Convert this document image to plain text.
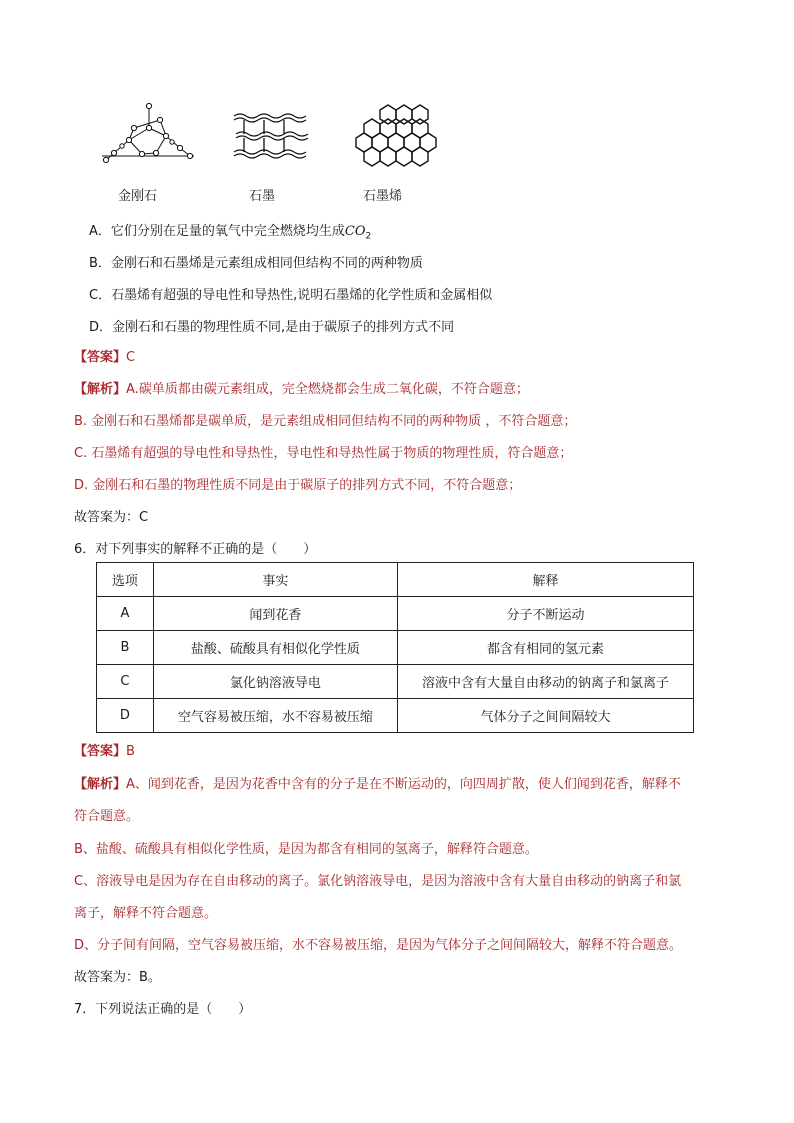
金刚石	石墨	石墨烯
A．它们分别在足量的氧气中完全燃烧均生成$CO_2$
B．金刚石和石墨烯是元素组成相同但结构不同的两种物质
C．石墨烯有超强的导电性和导热性,说明石墨烯的化学性质和金属相似
D．金刚石和石墨的物理性质不同,是由于碳原子的排列方式不同
【答案】C
【解析】A.碳单质都由碳元素组成，完全燃烧都会生成二氧化碳，不符合题意；
B. 金刚石和石墨烯都是碳单质，是元素组成相同但结构不同的两种物质 ，不符合题意；
C. 石墨烯有超强的导电性和导热性，导电性和导热性属于物质的物理性质，符合题意；
D. 金刚石和石墨的物理性质不同是由于碳原子的排列方式不同，不符合题意；
故答案为：C
6．对下列事实的解释不正确的是（　　）
选项	事实	解释
A	闻到花香	分子不断运动
B	盐酸、硫酸具有相似化学性质	都含有相同的氢元素
C	氯化钠溶液导电	溶液中含有大量自由移动的钠离子和氯离子
D	空气容易被压缩，水不容易被压缩	气体分子之间间隔较大
【答案】B
【解析】A、闻到花香，是因为花香中含有的分子是在不断运动的，向四周扩散，使人们闻到花香，解释不
符合题意。
B、盐酸、硫酸具有相似化学性质，是因为都含有相同的氢离子，解释符合题意。
C、溶液导电是因为存在自由移动的离子。氯化钠溶液导电，是因为溶液中含有大量自由移动的钠离子和氯
离子，解释不符合题意。
D、分子间有间隔，空气容易被压缩，水不容易被压缩，是因为气体分子之间间隔较大，解释不符合题意。
故答案为：B。
7．下列说法正确的是（　　）
